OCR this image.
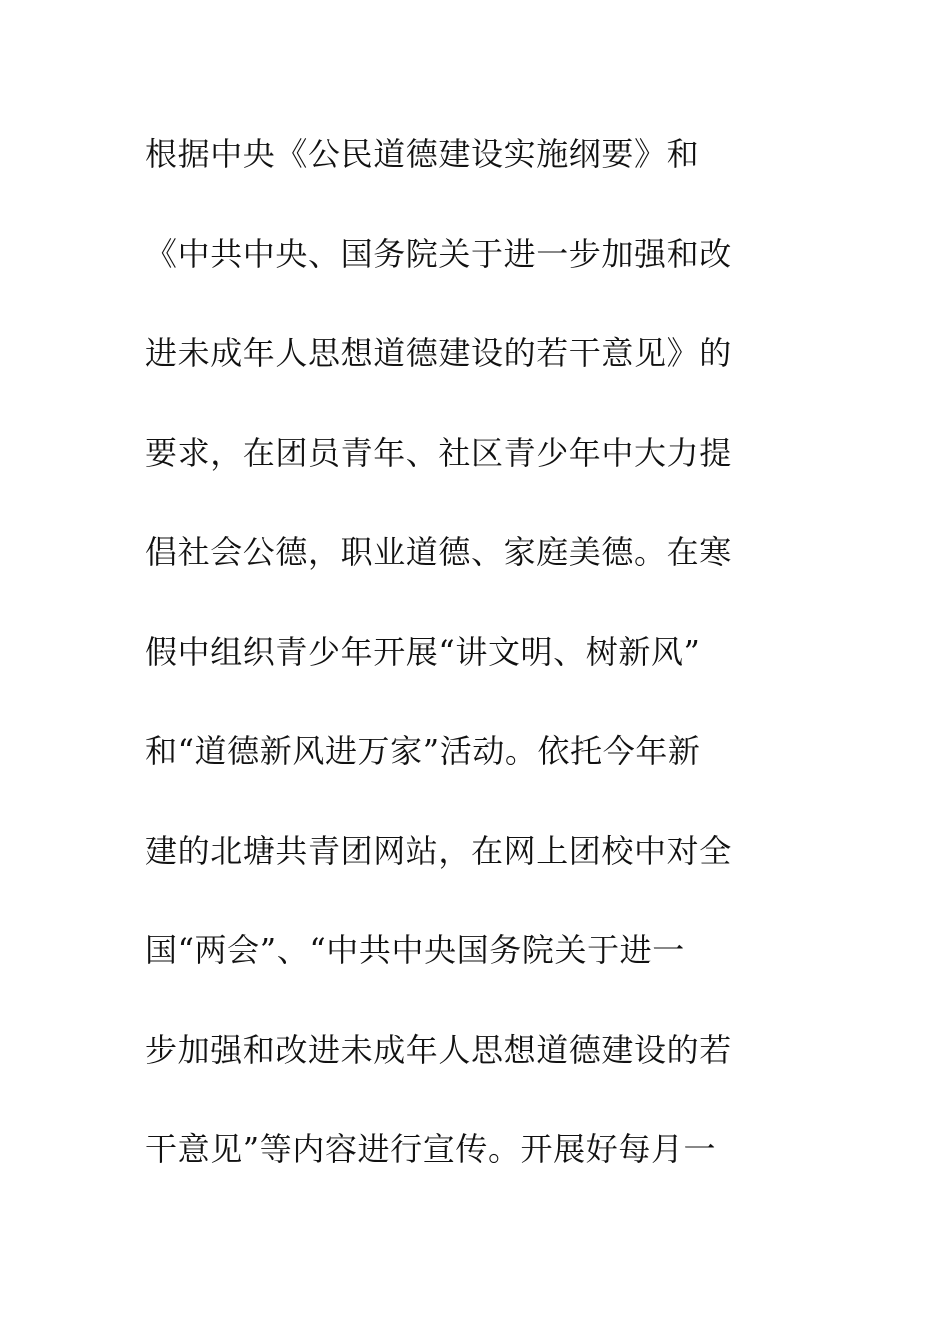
根据中央《公民道德建设实施纲要》和
《中共中央、国务院关于进一步加强和改
进未成年人思想道德建设的若干意见》的
要求，在团员青年、社区青少年中大力提
倡社会公德，职业道德、家庭美德。在寒
假中组织青少年开展“讲文明、树新风”
和“道德新风进万家”活动。依托今年新
建的北塘共青团网站，在网上团校中对全
国“两会”、“中共中央国务院关于进一
步加强和改进未成年人思想道德建设的若
干意见”等内容进行宣传。开展好每月一
